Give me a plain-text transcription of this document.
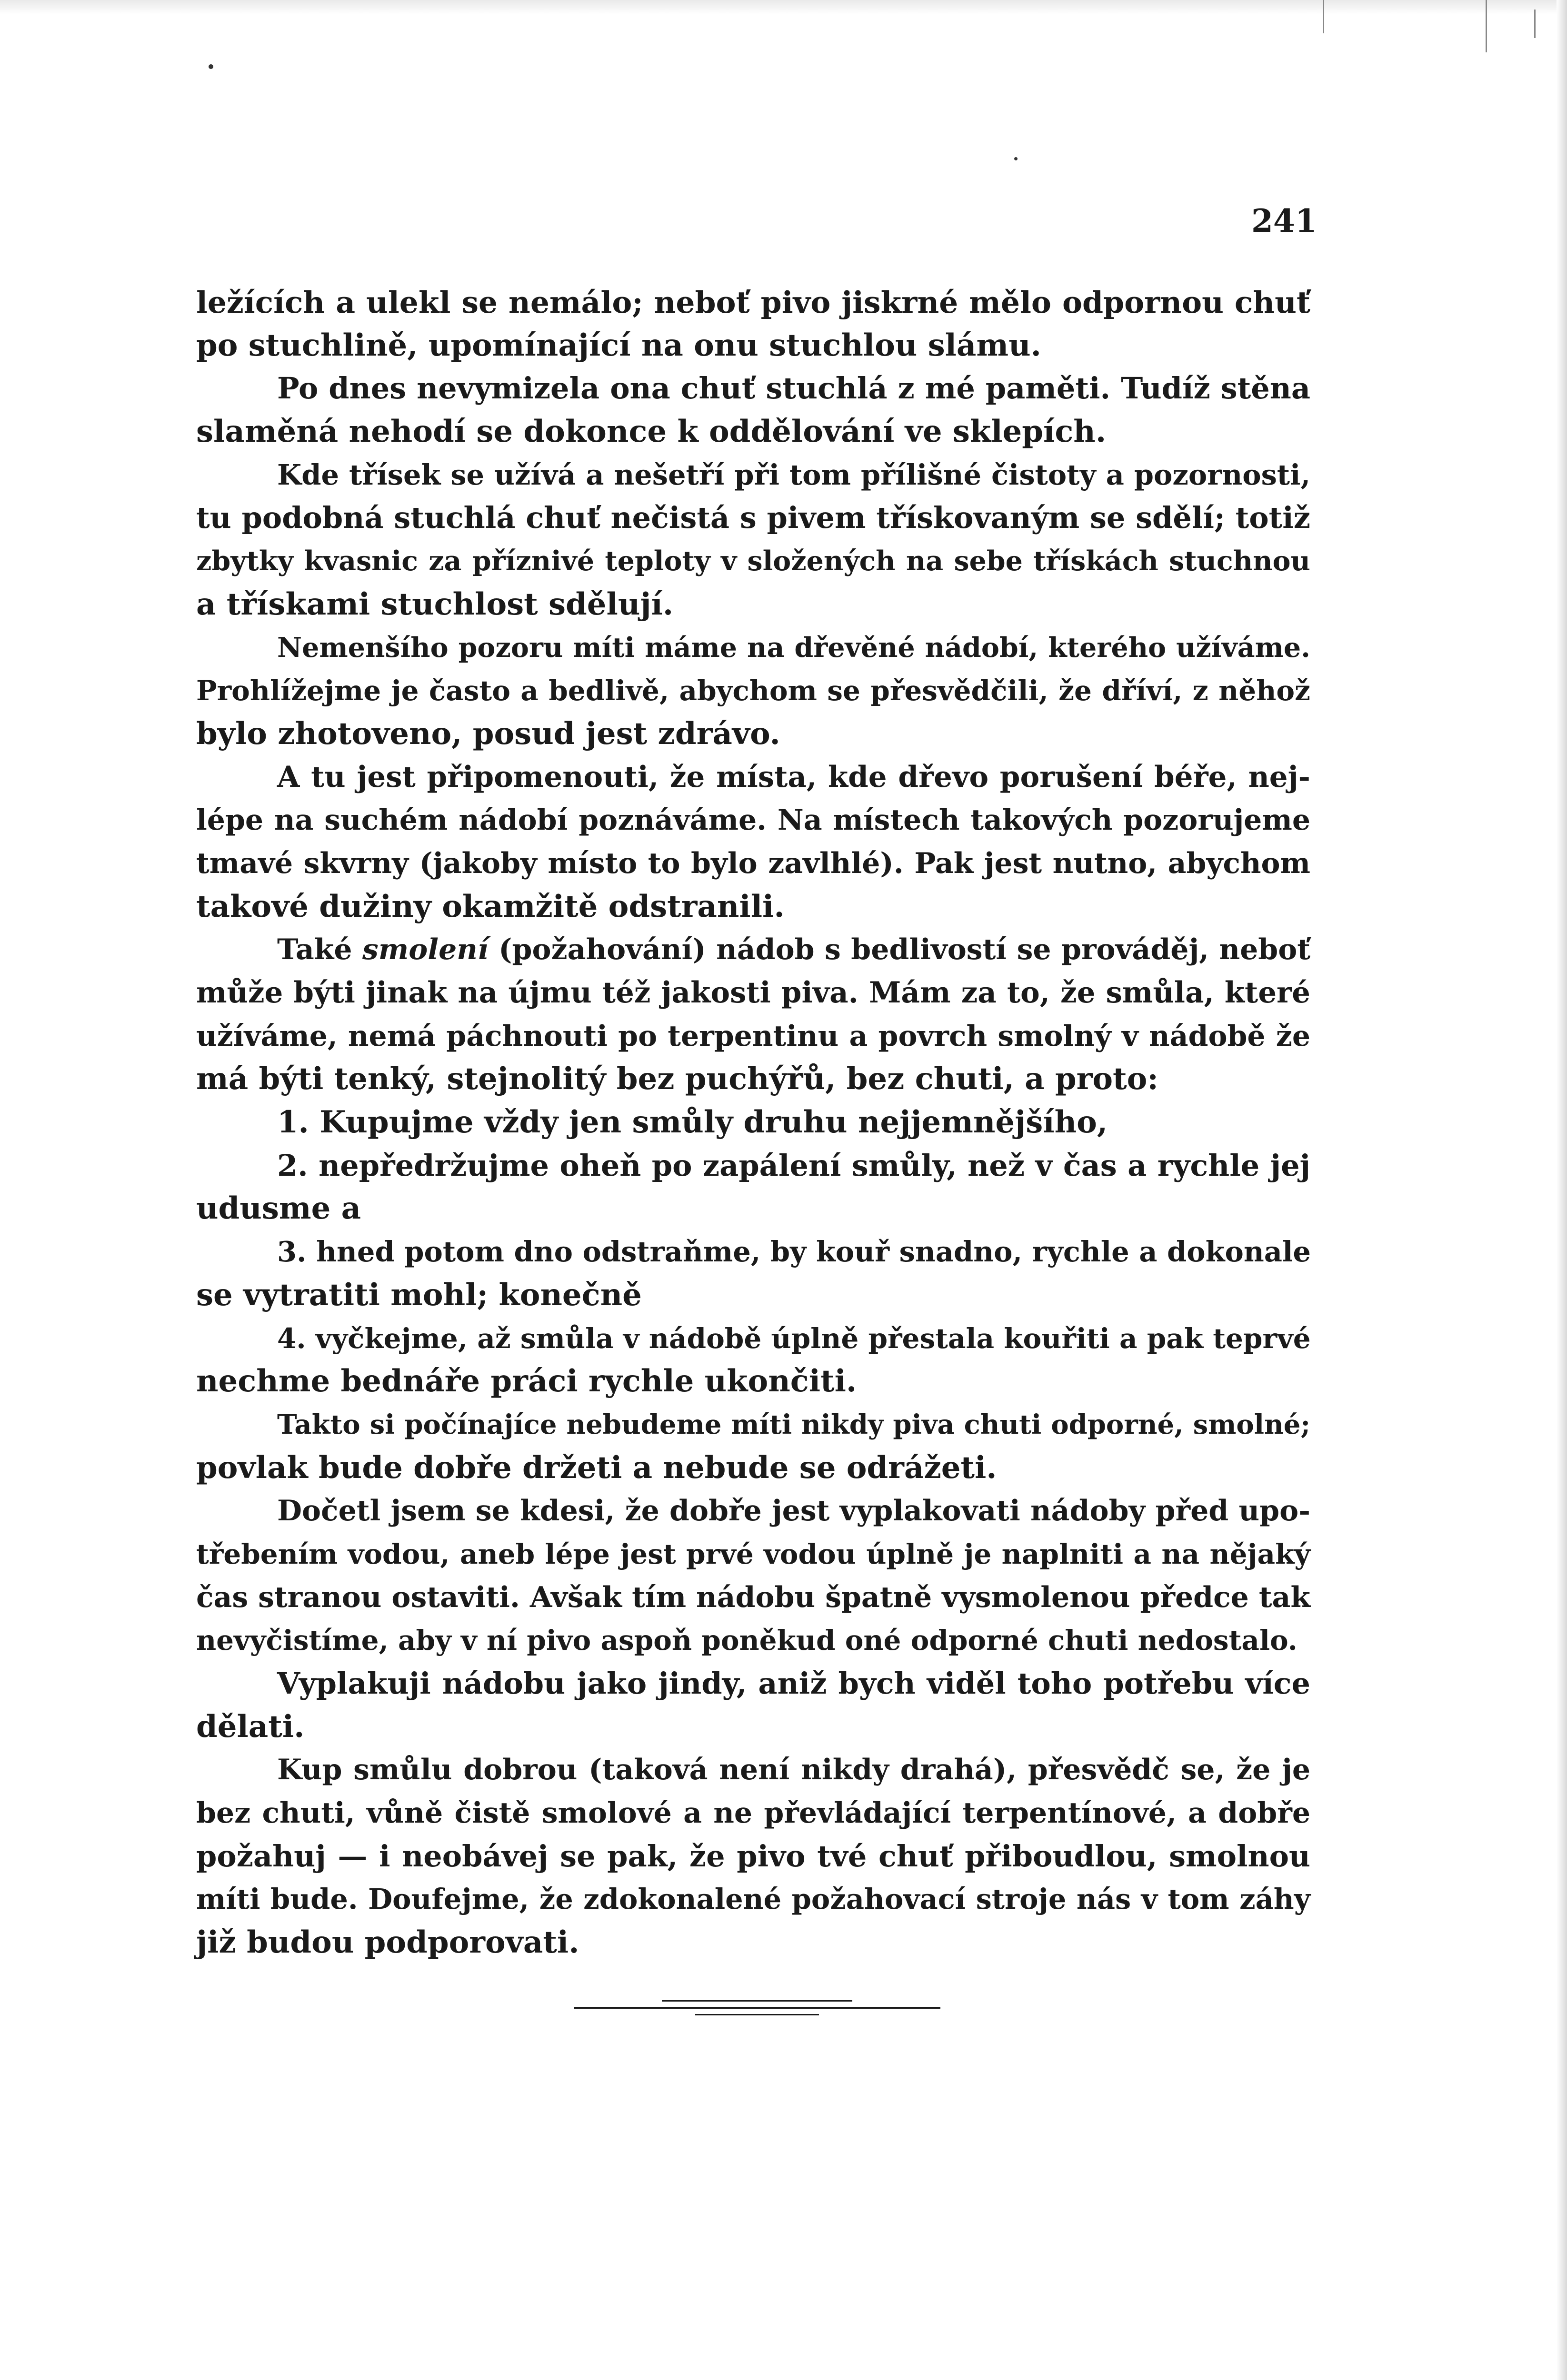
241
ležících a ulekl se nemálo; neboť pivo jiskrné mělo odpornou chuť
po stuchlině, upomínající na onu stuchlou slámu.
Po dnes nevymizela ona chuť stuchlá z mé paměti. Tudíž stěna
slaměná nehodí se dokonce k oddělování ve sklepích.
Kde třísek se užívá a nešetří při tom přílišné čistoty a pozornosti,
tu podobná stuchlá chuť nečistá s pivem třískovaným se sdělí; totiž
zbytky kvasnic za příznivé teploty v složených na sebe třískách stuchnou
a třískami stuchlost sdělují.
Nemenšího pozoru míti máme na dřevěné nádobí, kterého užíváme.
Prohlížejme je často a bedlivě, abychom se přesvědčili, že dříví, z něhož
bylo zhotoveno, posud jest zdrávo.
A tu jest připomenouti, že místa, kde dřevo porušení béře, nej-
lépe na suchém nádobí poznáváme. Na místech takových pozorujeme
tmavé skvrny (jakoby místo to bylo zavlhlé). Pak jest nutno, abychom
takové dužiny okamžitě odstranili.
Také smolení (požahování) nádob s bedlivostí se prováděj, neboť
může býti jinak na újmu též jakosti piva. Mám za to, že smůla, které
užíváme, nemá páchnouti po terpentinu a povrch smolný v nádobě že
má býti tenký, stejnolitý bez puchýřů, bez chuti, a proto:
1. Kupujme vždy jen smůly druhu nejjemnějšího,
2. nepředržujme oheň po zapálení smůly, než v čas a rychle jej
udusme a
3. hned potom dno odstraňme, by kouř snadno, rychle a dokonale
se vytratiti mohl; konečně
4. vyčkejme, až smůla v nádobě úplně přestala kouřiti a pak teprvé
nechme bednáře práci rychle ukončiti.
Takto si počínajíce nebudeme míti nikdy piva chuti odporné, smolné;
povlak bude dobře držeti a nebude se odrážeti.
Dočetl jsem se kdesi, že dobře jest vyplakovati nádoby před upo-
třebením vodou, aneb lépe jest prvé vodou úplně je naplniti a na nějaký
čas stranou ostaviti. Avšak tím nádobu špatně vysmolenou předce tak
nevyčistíme, aby v ní pivo aspoň poněkud oné odporné chuti nedostalo.
Vyplakuji nádobu jako jindy, aniž bych viděl toho potřebu více
dělati.
Kup smůlu dobrou (taková není nikdy drahá), přesvědč se, že je
bez chuti, vůně čistě smolové a ne převládající terpentínové, a dobře
požahuj — i neobávej se pak, že pivo tvé chuť přiboudlou, smolnou
míti bude. Doufejme, že zdokonalené požahovací stroje nás v tom záhy
již budou podporovati.
